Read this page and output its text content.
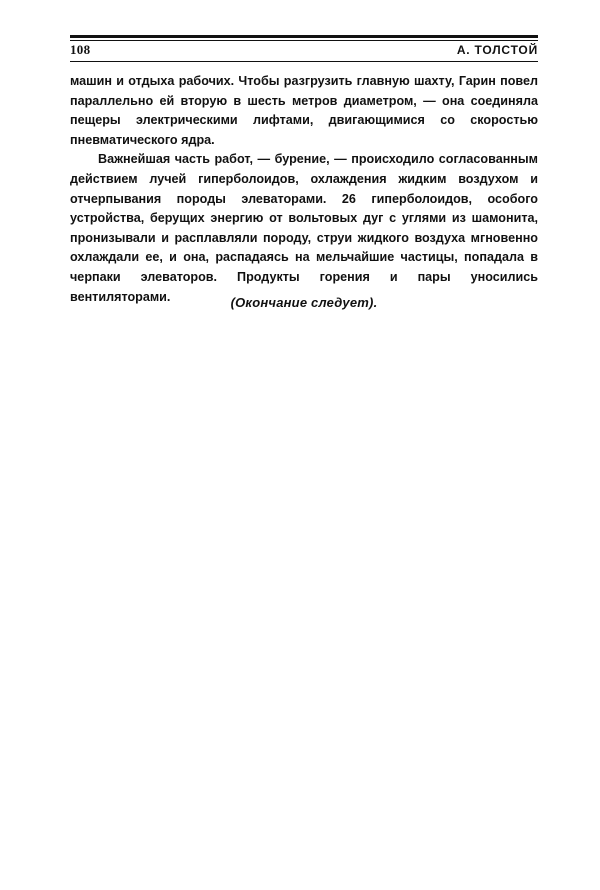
108	А. ТОЛСТОЙ

машин и отдыха рабочих. Чтобы разгрузить главную шахту, Гарин повел параллельно ей вторую в шесть метров диаметром, — она соединяла пещеры электрическими лифтами, двигающимися со скоростью пневматического ядра.

Важнейшая часть работ, — бурение, — происходило согласованным действием лучей гиперболоидов, охлаждения жидким воздухом и отчерпывания породы элеваторами. 26 гиперболоидов, особого устройства, берущих энергию от вольтовых дуг с углями из шамонита, пронизывали и расплавляли породу, струи жидкого воздуха мгновенно охлаждали ее, и она, распадаясь на мельчайшие частицы, попадала в черпаки элеваторов. Продукты горения и пары уносились вентиляторами.	(Окончание следует).
